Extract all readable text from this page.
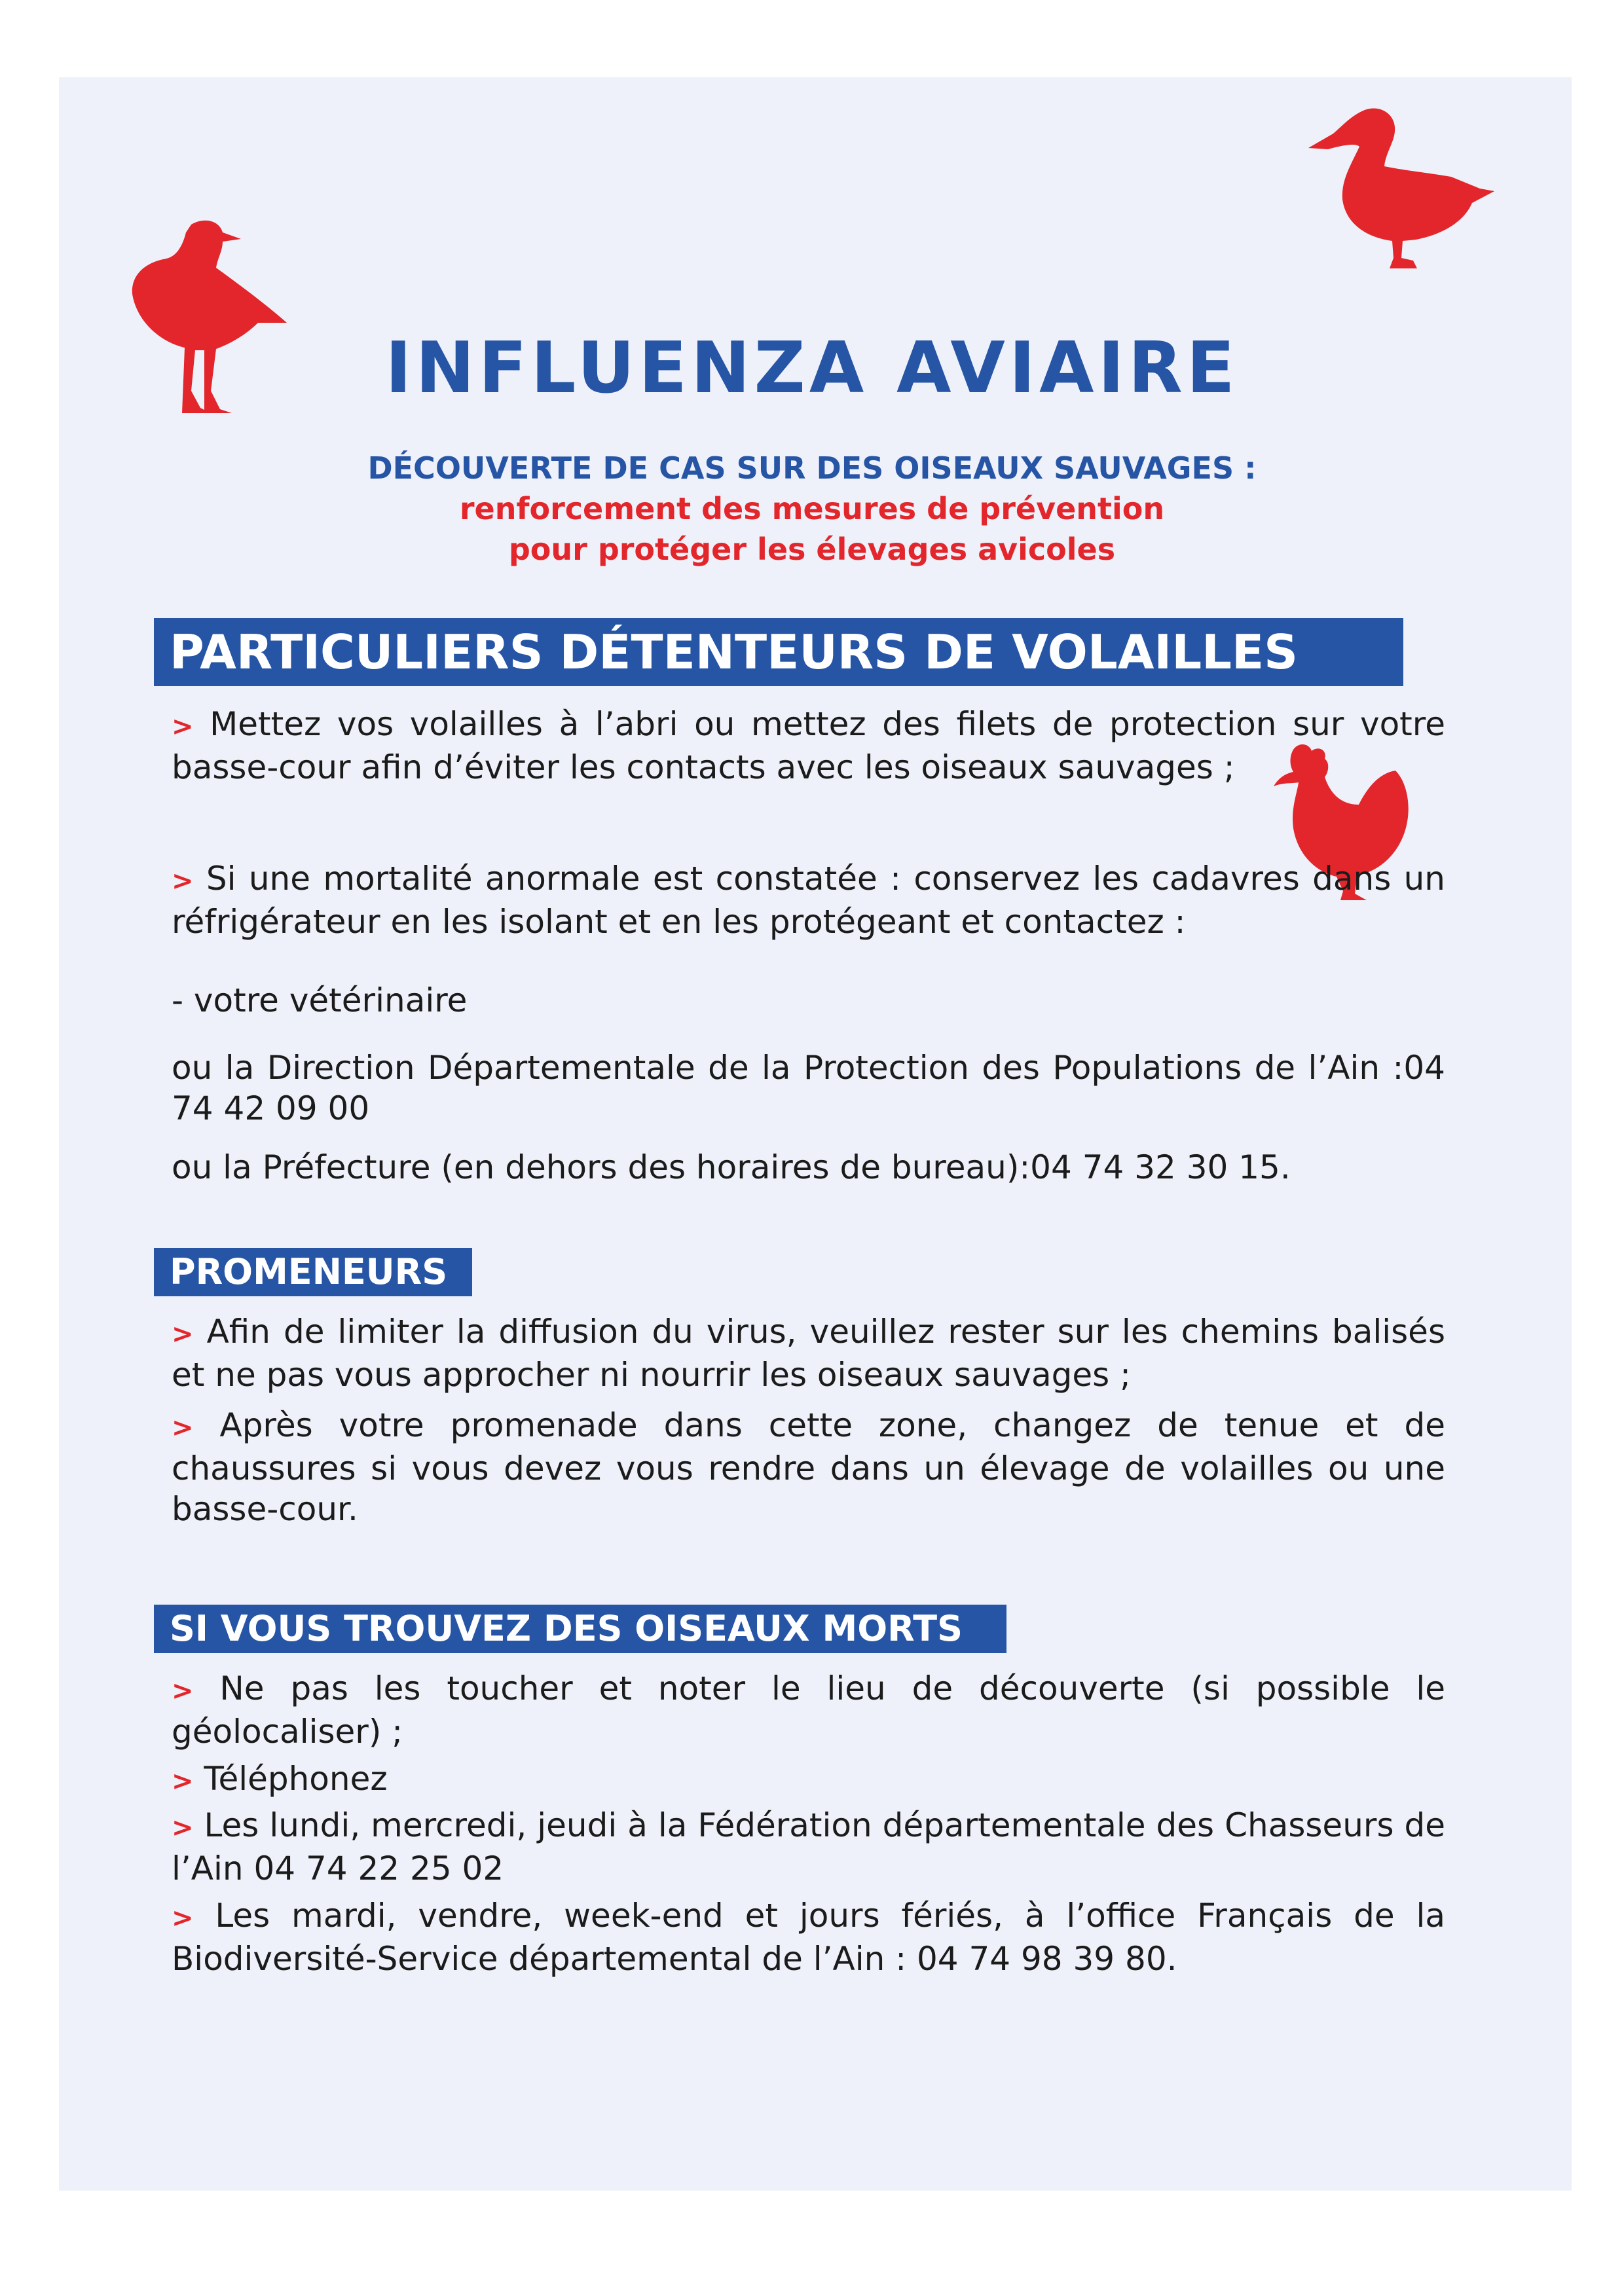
INFLUENZA AVIAIRE
DÉCOUVERTE DE CAS SUR DES OISEAUX SAUVAGES :
renforcement des mesures de prévention
pour protéger les élevages avicoles
PARTICULIERS DÉTENTEURS DE VOLAILLES
> Mettez vos volailles à l’abri ou mettez des filets de protection sur votre basse-cour afin d’éviter les contacts avec les oiseaux sauvages ;
> Si une mortalité anormale est constatée : conservez les cadavres dans un réfrigérateur en les isolant et en les protégeant et contactez :
- votre vétérinaire
ou la Direction Départementale de la Protection des Populations de l’Ain :04 74 42 09 00
ou la Préfecture (en dehors des horaires de bureau):04 74 32 30 15.
PROMENEURS
> Afin de limiter la diffusion du virus, veuillez rester sur les chemins balisés et ne pas vous approcher ni nourrir les oiseaux sauvages ;
> Après votre promenade dans cette zone, changez de tenue et de chaussures si vous devez vous rendre dans un élevage de volailles ou une basse-cour.
SI VOUS TROUVEZ DES OISEAUX MORTS
> Ne pas les toucher et noter le lieu de découverte (si possible le géolocaliser) ;
> Téléphonez
> Les lundi, mercredi, jeudi à la Fédération départementale des Chasseurs de l’Ain 04 74 22 25 02
> Les mardi, vendre, week-end et jours fériés, à l’office Français de la Biodiversité-Service départemental de l’Ain : 04 74 98 39 80.
